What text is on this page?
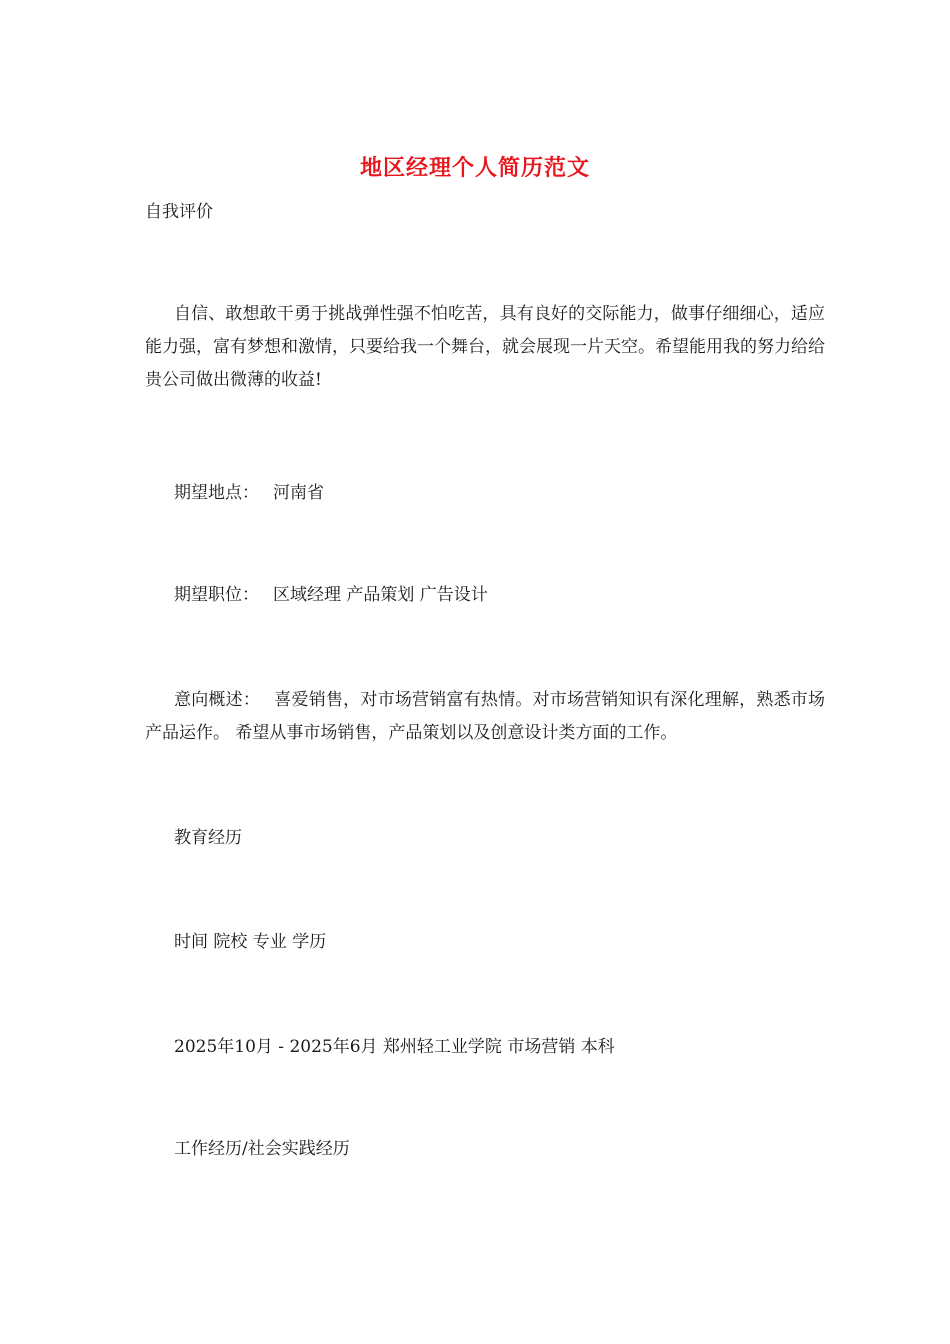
地区经理个人简历范文
自我评价
自信、敢想敢干勇于挑战弹性强不怕吃苦，具有良好的交际能力，做事仔细细心，适应能力强，富有梦想和激情，只要给我一个舞台，就会展现一片天空。希望能用我的努力给给贵公司做出微薄的收益!
期望地点： 河南省
期望职位： 区域经理 产品策划 广告设计
意向概述： 喜爱销售，对市场营销富有热情。对市场营销知识有深化理解，熟悉市场产品运作。 希望从事市场销售，产品策划以及创意设计类方面的工作。
教育经历
时间 院校 专业 学历
2025年10月 - 2025年6月 郑州轻工业学院 市场营销 本科
工作经历/社会实践经历
